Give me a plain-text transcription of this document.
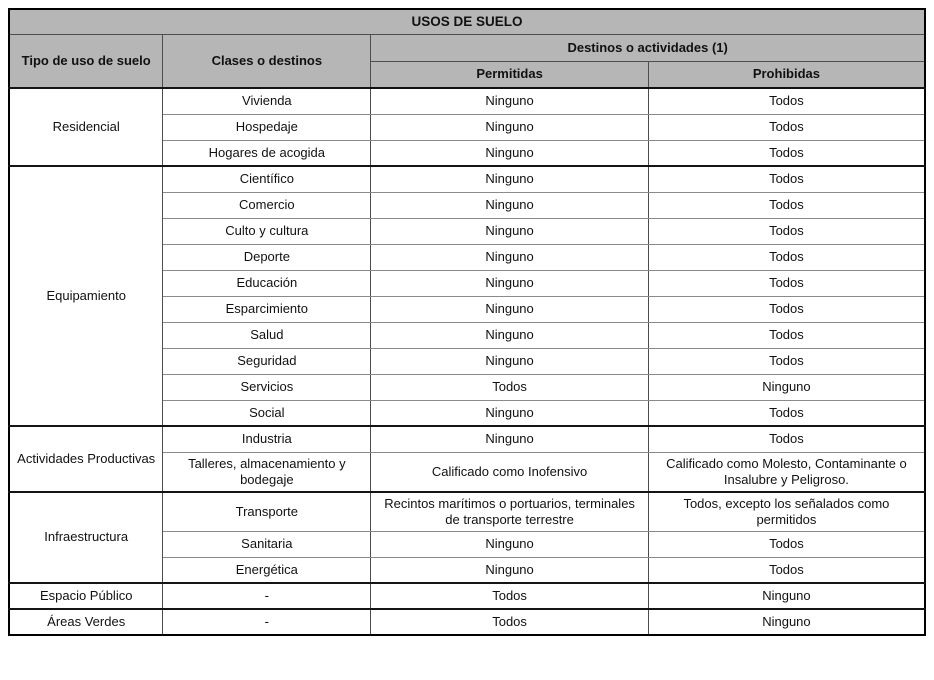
USOS DE SUELO			
Tipo de uso de suelo	Clases o destinos	Destinos o actividades (1)	
		Permitidas	Prohibidas
Residencial	Vivienda	Ninguno	Todos
	Hospedaje	Ninguno	Todos
	Hogares de acogida	Ninguno	Todos
Equipamiento	Científico	Ninguno	Todos
	Comercio	Ninguno	Todos
	Culto y cultura	Ninguno	Todos
	Deporte	Ninguno	Todos
	Educación	Ninguno	Todos
	Esparcimiento	Ninguno	Todos
	Salud	Ninguno	Todos
	Seguridad	Ninguno	Todos
	Servicios	Todos	Ninguno
	Social	Ninguno	Todos
Actividades Productivas	Industria	Ninguno	Todos
	Talleres, almacenamiento y bodegaje	Calificado como Inofensivo	Calificado como Molesto, Contaminante o Insalubre y Peligroso.
Infraestructura	Transporte	Recintos marítimos o portuarios, terminales de transporte terrestre	Todos, excepto los señalados como permitidos
	Sanitaria	Ninguno	Todos
	Energética	Ninguno	Todos
Espacio Público	-	Todos	Ninguno
Áreas Verdes	-	Todos	Ninguno
